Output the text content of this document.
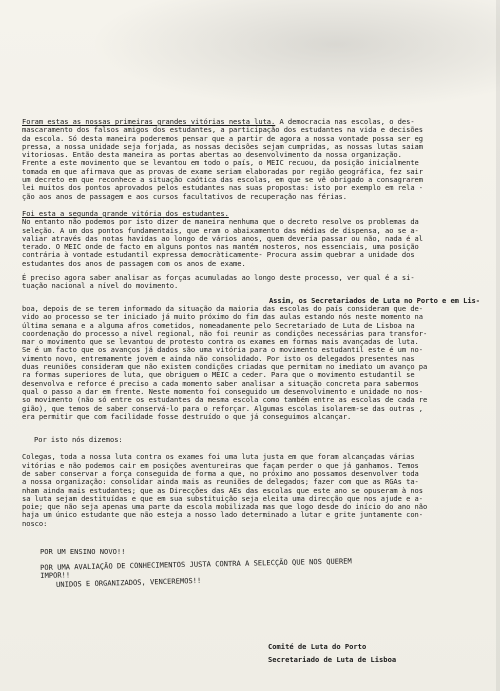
Foram estas as nossas primeiras grandes vitórias nesta luta. A democracia nas escolas, o des-
mascaramento dos falsos amigos dos estudantes, a participação dos estudantes na vida e decisões
da escola. Só desta maneira poderemos pensar que a partir de agora a nossa vontade possa ser eg
pressa, a nossa unidade seja forjada, as nossas decisões sejam cumpridas, as nossas lutas saiam
vitoriosas. Então desta maneira as portas abertas ao desenvolvimento da nossa organização.
Frente a este movimento que se levantou em todo o país, o MEIC recuou, da posição inicialmente
tomada em que afirmava que as provas de exame seriam elaboradas por região geográfica, fez sair
um decreto em que reconhece a situação caótica das escolas, em que se vê obrigado a consagrarem
lei muitos dos pontos aprovados pelos estudantes nas suas propostas: isto por exemplo em rela -
ção aos anos de passagem e aos cursos facultativos de recuperação nas férias.

Foi esta a segunda grande vitória dos estudantes.

No entanto não podemos por isto dizer de maneira nenhuma que o decreto resolve os problemas da
seleção. A um dos pontos fundamentais, que eram o abaixamento das médias de dispensa, ao se a-
valiar através das notas havidas ao longo de vários anos, quem deveria passar ou não, nada é al
terado. O MEIC onde de facto em alguns pontos nas mantém nosteros, nos essenciais, uma posição
contrária à vontade estudantil expressa democràticamente- Procura assim quebrar a unidade dos
estudantes dos anos de passagem com os anos de exame.

É preciso agora saber analisar as forças acumuladas ao longo deste processo, ver qual é a si-
tuação nacional a nível do movimento.

Assim, os Secretariados de Luta no Porto e em Lis-

boa, depois de se terem informado da situação da maioria das escolas do país consideram que de-
vido ao processo se ter iniciado já muito próximo do fim das aulas estando nós neste momento na
última semana e a alguma afros cometidos, nomeadamente pelo Secretariado de Luta de Lisboa na
coordenação do processo a nível regional, não foi reunir as condições necessárias para transfor-
mar o movimento que se levantou de protesto contra os exames em formas mais avançadas de luta.
Se é um facto que os avanços já dados são uma vitória para o movimento estudantil este é um no-
vimento novo, entremamente jovem e ainda não consolidado. Por isto os delegados presentes nas
duas reuniões consideram que não existem condições criadas que permitam no imediato um avanço pa
ra formas superiores de luta, que obriguem o MEIC a ceder. Para que o movimento estudantil se
desenvolva e reforce é preciso a cada momento saber analisar a situação concreta para sabermos
qual o passo a dar em frente. Neste momento foi conseguido um desenvolvimento e unidade no nos-
so movimento (não só entre os estudantes da mesma escola como também entre as escolas de cada re
gião), que temos de saber conservá-lo para o reforçar. Algumas escolas isolarem-se das outras ,
era permitir que com facilidade fosse destruído o que já conseguimos alcançar.

Por isto nós dizemos:

Colegas, toda a nossa luta contra os exames foi uma luta justa em que foram alcançadas várias
vitórias e não podemos cair em posições aventureiras que façam perder o que já ganhamos. Temos
de saber conservar a força conseguida de forma a que, no próximo ano possamos desenvolver toda
a nossa organização: consolidar ainda mais as reuniões de delegados; fazer com que as RGAs ta-
nham ainda mais estudantes; que as Direcções das AEs das escolas que este ano se opuseram à nos
sa luta sejam destituídas e que em sua substituição seja eleita uma direcção que nos ajude e a-
poie; que não seja apenas uma parte da escola mobilizada mas que logo desde do início do ano não
haja um único estudante que não esteja a nosso lado determinado a lutar e grite juntamente con-
nosco:

POR UM ENSINO NOVO!!
POR UMA AVALIAÇÃO DE CONHECIMENTOS JUSTA CONTRA A SELECÇÃO QUE NOS QUEREM IMPOR!!
UNIDOS E ORGANIZADOS, VENCEREMOS!!
Comité de Luta do Porto
Secretariado de Luta de Lisboa
